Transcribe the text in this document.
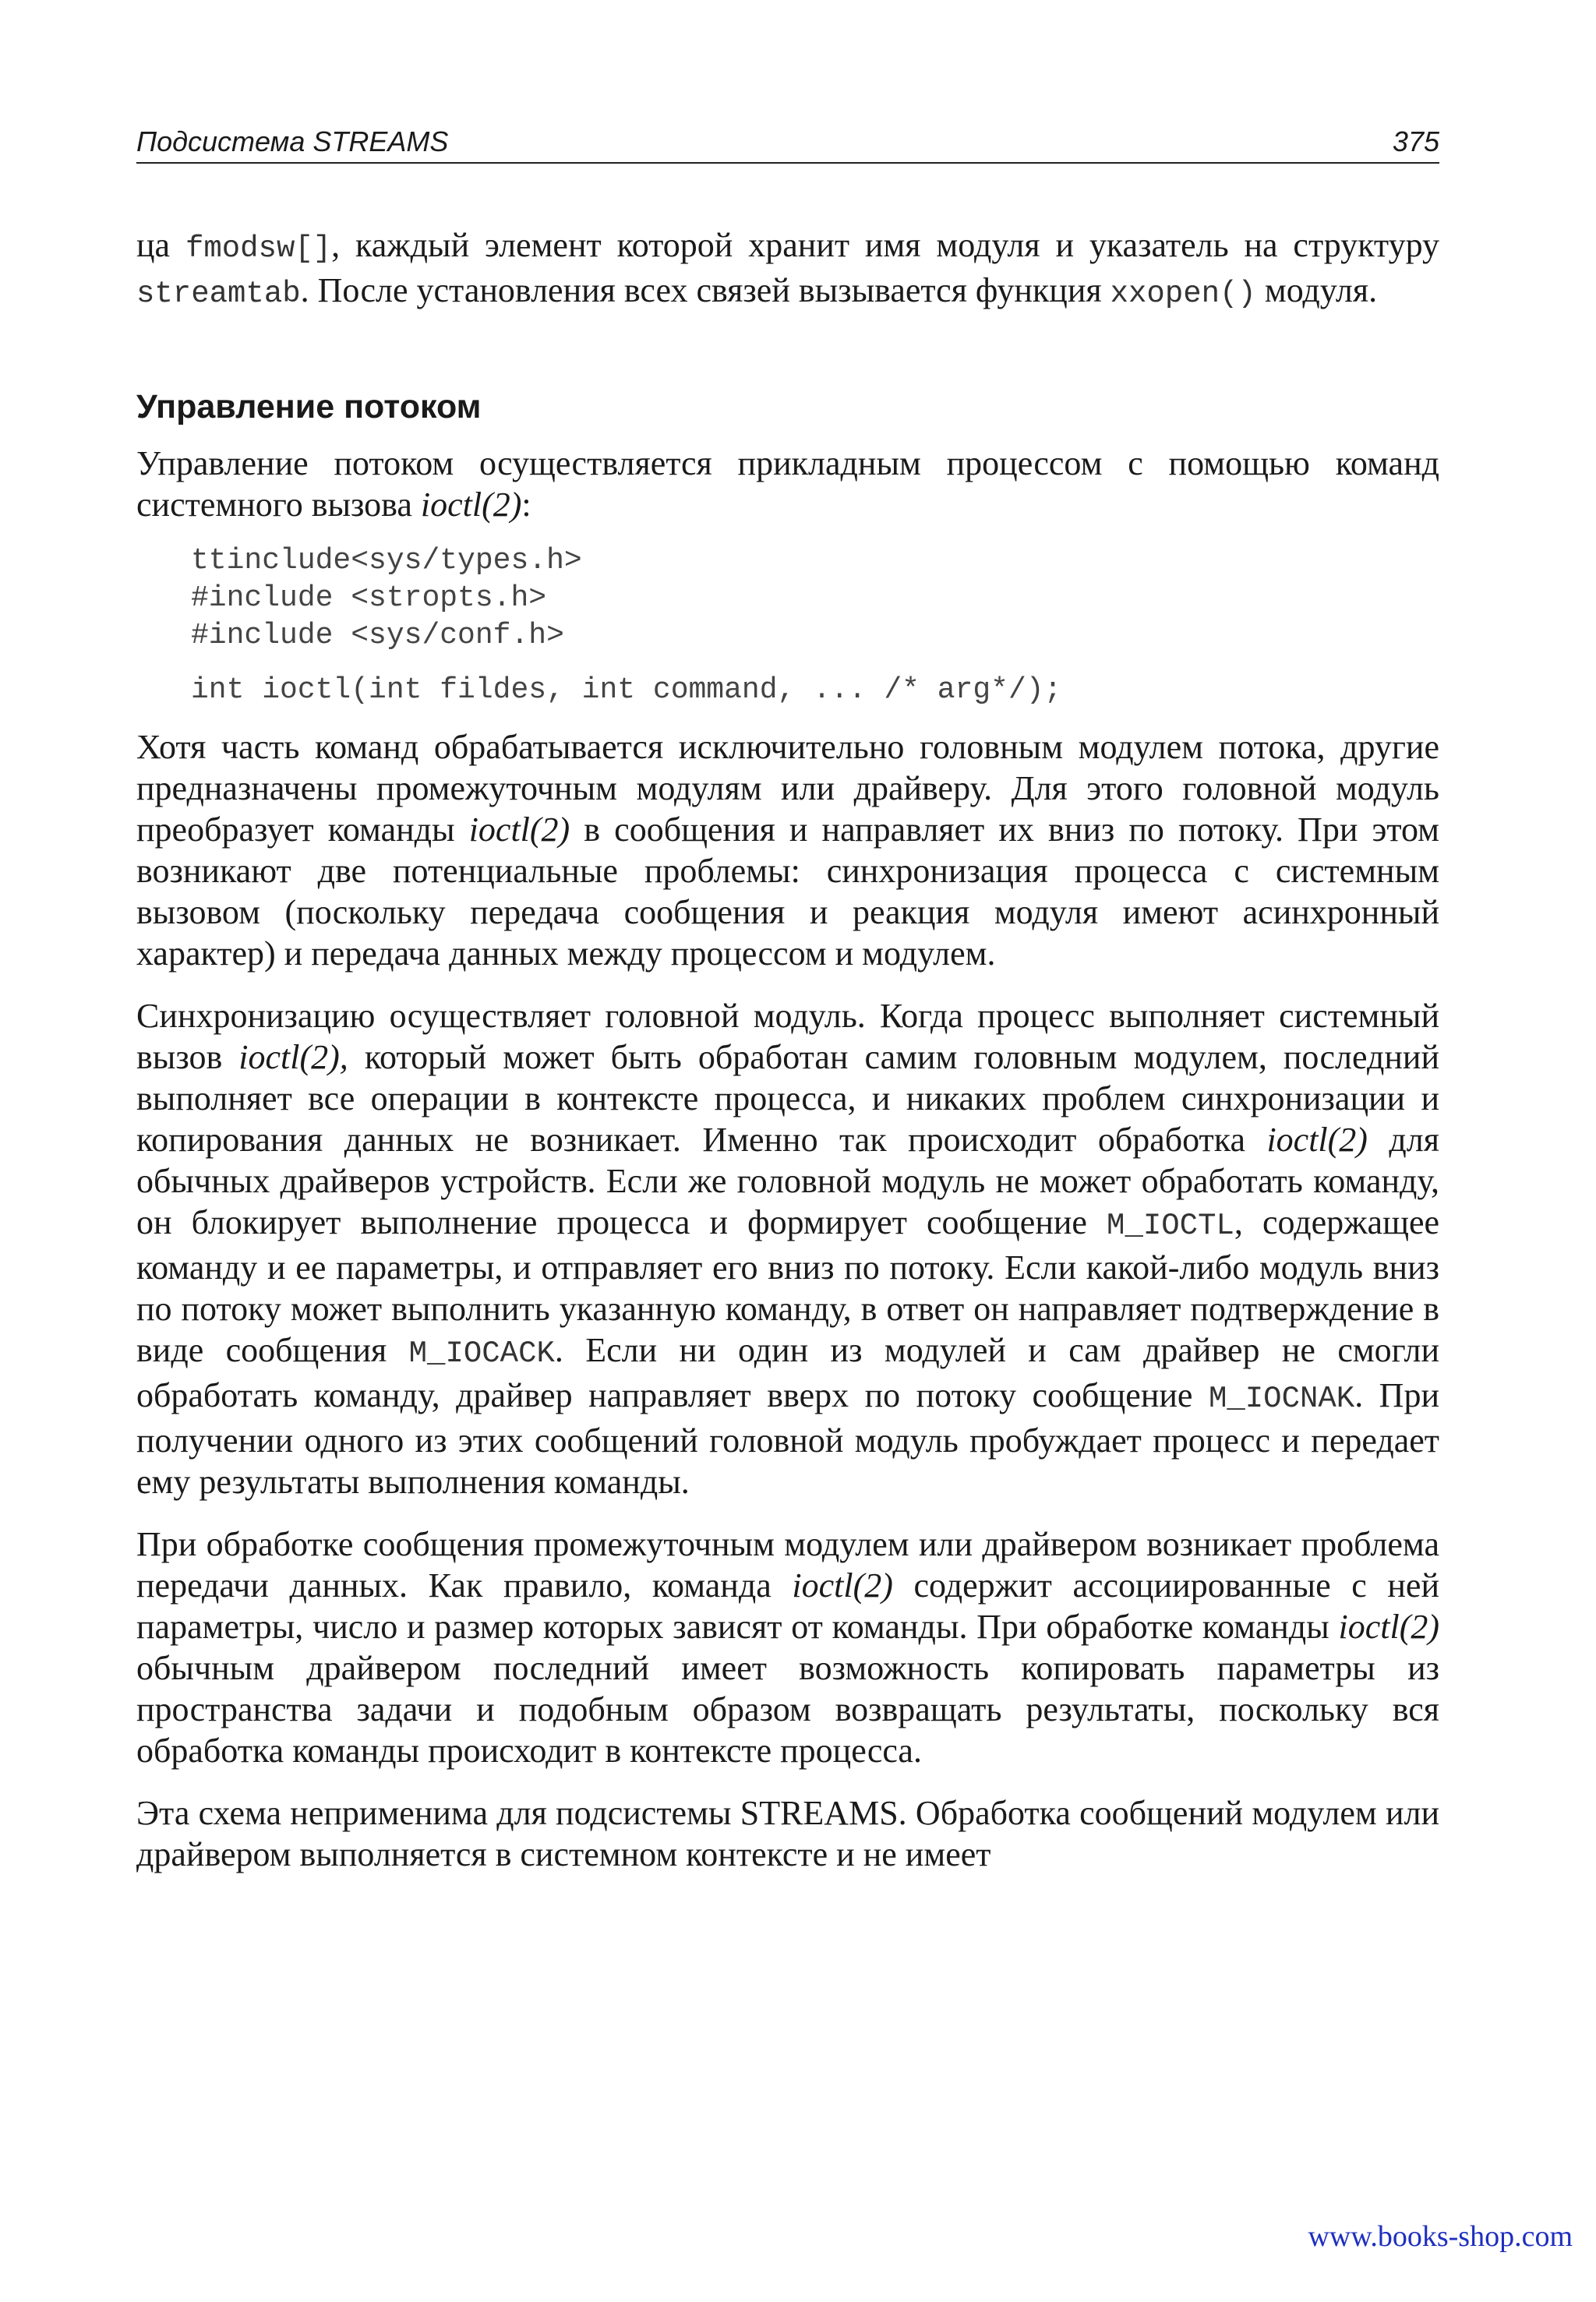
Подсистема STREAMS	375

ца fmodsw[], каждый элемент которой хранит имя модуля и указатель на структуру streamtab. После установления всех связей вызывается функция xxopen() модуля.

Управление потоком

Управление потоком осуществляется прикладным процессом с помощью команд системного вызова ioctl(2):

ttinclude<sys/types.h>
#include <stropts.h>
#include <sys/conf.h>
int ioctl(int fildes, int command, ... /* arg*/);

Хотя часть команд обрабатывается исключительно головным модулем потока, другие предназначены промежуточным модулям или драйверу. Для этого головной модуль преобразует команды ioctl(2) в сообщения и направляет их вниз по потоку. При этом возникают две потенциальные проблемы: синхронизация процесса с системным вызовом (поскольку передача сообщения и реакция модуля имеют асинхронный характер) и передача данных между процессом и модулем.

Синхронизацию осуществляет головной модуль. Когда процесс выполняет системный вызов ioctl(2), который может быть обработан самим головным модулем, последний выполняет все операции в контексте процесса, и никаких проблем синхронизации и копирования данных не возникает. Именно так происходит обработка ioctl(2) для обычных драйверов устройств. Если же головной модуль не может обработать команду, он блокирует выполнение процесса и формирует сообщение M_IOCTL, содержащее команду и ее параметры, и отправляет его вниз по потоку. Если какой-либо модуль вниз по потоку может выполнить указанную команду, в ответ он направляет подтверждение в виде сообщения M_IOCACK. Если ни один из модулей и сам драйвер не смогли обработать команду, драйвер направляет вверх по потоку сообщение M_IOCNAK. При получении одного из этих сообщений головной модуль пробуждает процесс и передает ему результаты выполнения команды.

При обработке сообщения промежуточным модулем или драйвером возникает проблема передачи данных. Как правило, команда ioctl(2) содержит ассоциированные с ней параметры, число и размер которых зависят от команды. При обработке команды ioctl(2) обычным драйвером последний имеет возможность копировать параметры из пространства задачи и подобным образом возвращать результаты, поскольку вся обработка команды происходит в контексте процесса.

Эта схема неприменима для подсистемы STREAMS. Обработка сообщений модулем или драйвером выполняется в системном контексте и не имеет

www.books-shop.com
